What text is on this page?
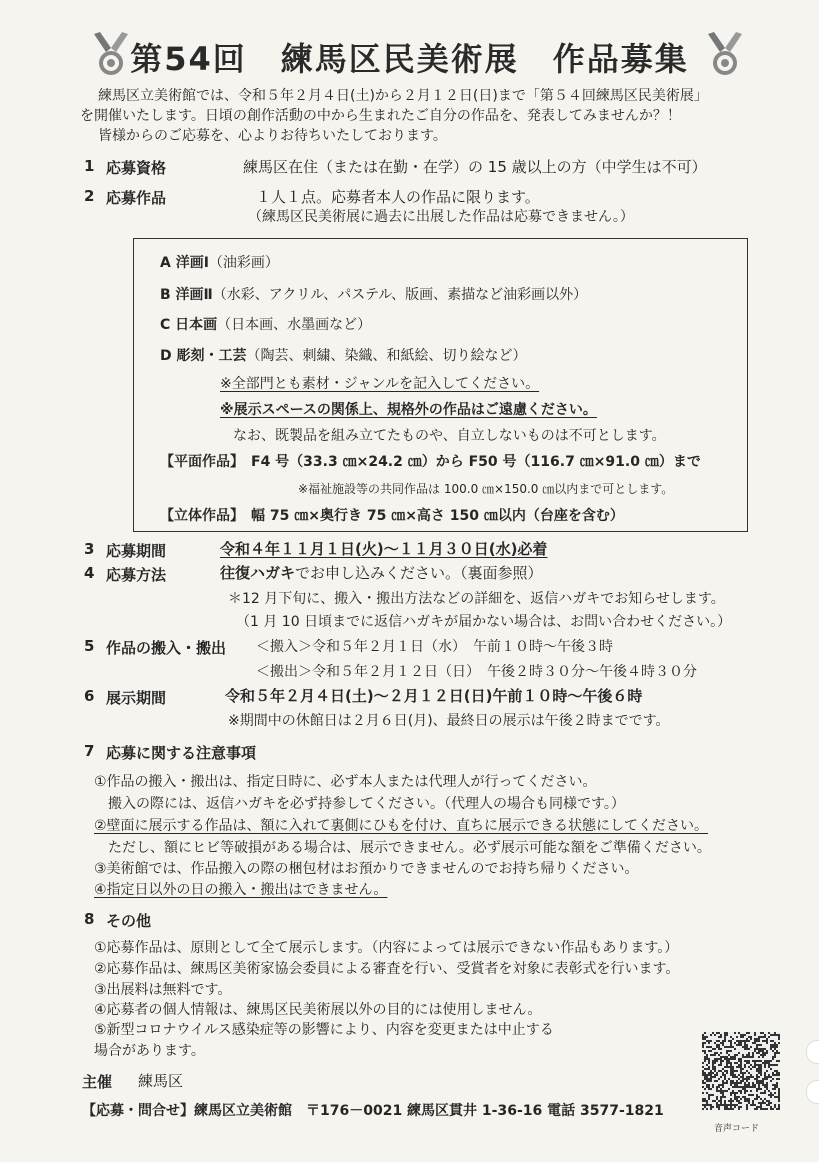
第54回　練馬区民美術展　作品募集
練馬区立美術館では、令和５年２月４日(土)から２月１２日(日)まで「第５４回練馬区民美術展」
を開催いたします。日頃の創作活動の中から生まれたご自分の作品を、発表してみませんか？！
皆様からのご応募を、心よりお待ちいたしております。
1 応募資格	練馬区在住（または在勤・在学）の 15 歳以上の方（中学生は不可）
2 応募作品	１人１点。応募者本人の作品に限ります。
（練馬区民美術展に過去に出展した作品は応募できません。）
A 洋画Ⅰ（油彩画）
B 洋画Ⅱ（水彩、アクリル、パステル、版画、素描など油彩画以外）
C 日本画（日本画、水墨画など）
D 彫刻・工芸（陶芸、刺繍、染織、和紙絵、切り絵など）
※全部門とも素材・ジャンルを記入してください。
※展示スペースの関係上、規格外の作品はご遠慮ください。
なお、既製品を組み立てたものや、自立しないものは不可とします。
【平面作品】　F4 号（33.3 ㎝×24.2 ㎝）から F50 号（116.7 ㎝×91.0 ㎝）まで
※福祉施設等の共同作品は 100.0 ㎝×150.0 ㎝以内まで可とします。
【立体作品】　幅 75 ㎝×奥行き 75 ㎝×高さ 150 ㎝以内（台座を含む）
3 応募期間	令和４年１１月１日(火)～１１月３０日(水)必着
4 応募方法	往復ハガキでお申し込みください。（裏面参照）
＊12 月下旬に、搬入・搬出方法などの詳細を、返信ハガキでお知らせします。
（1 月 10 日頃までに返信ハガキが届かない場合は、お問い合わせください。）
5 作品の搬入・搬出 ＜搬入＞令和５年２月１日（水）　午前１０時～午後３時
＜搬出＞令和５年２月１２日（日）　午後２時３０分～午後４時３０分
6 展示期間	令和５年２月４日(土)～２月１２日(日)午前１０時～午後６時
※期間中の休館日は２月６日(月)、最終日の展示は午後２時までです。
7 応募に関する注意事項
①作品の搬入・搬出は、指定日時に、必ず本人または代理人が行ってください。
　搬入の際には、返信ハガキを必ず持参してください。（代理人の場合も同様です。）
②壁面に展示する作品は、額に入れて裏側にひもを付け、直ちに展示できる状態にしてください。
　ただし、額にヒビ等破損がある場合は、展示できません。必ず展示可能な額をご準備ください。
③美術館では、作品搬入の際の梱包材はお預かりできませんのでお持ち帰りください。
④指定日以外の日の搬入・搬出はできません。
8 その他
①応募作品は、原則として全て展示します。（内容によっては展示できない作品もあります。）
②応募作品は、練馬区美術家協会委員による審査を行い、受賞者を対象に表彰式を行います。
③出展料は無料です。
④応募者の個人情報は、練馬区民美術展以外の目的には使用しません。
⑤新型コロナウイルス感染症等の影響により、内容を変更または中止する
場合があります。
主催 練馬区
【応募・問合せ】練馬区立美術館　〒176－0021 練馬区貫井 1-36-16 電話 3577-1821
音声コード
